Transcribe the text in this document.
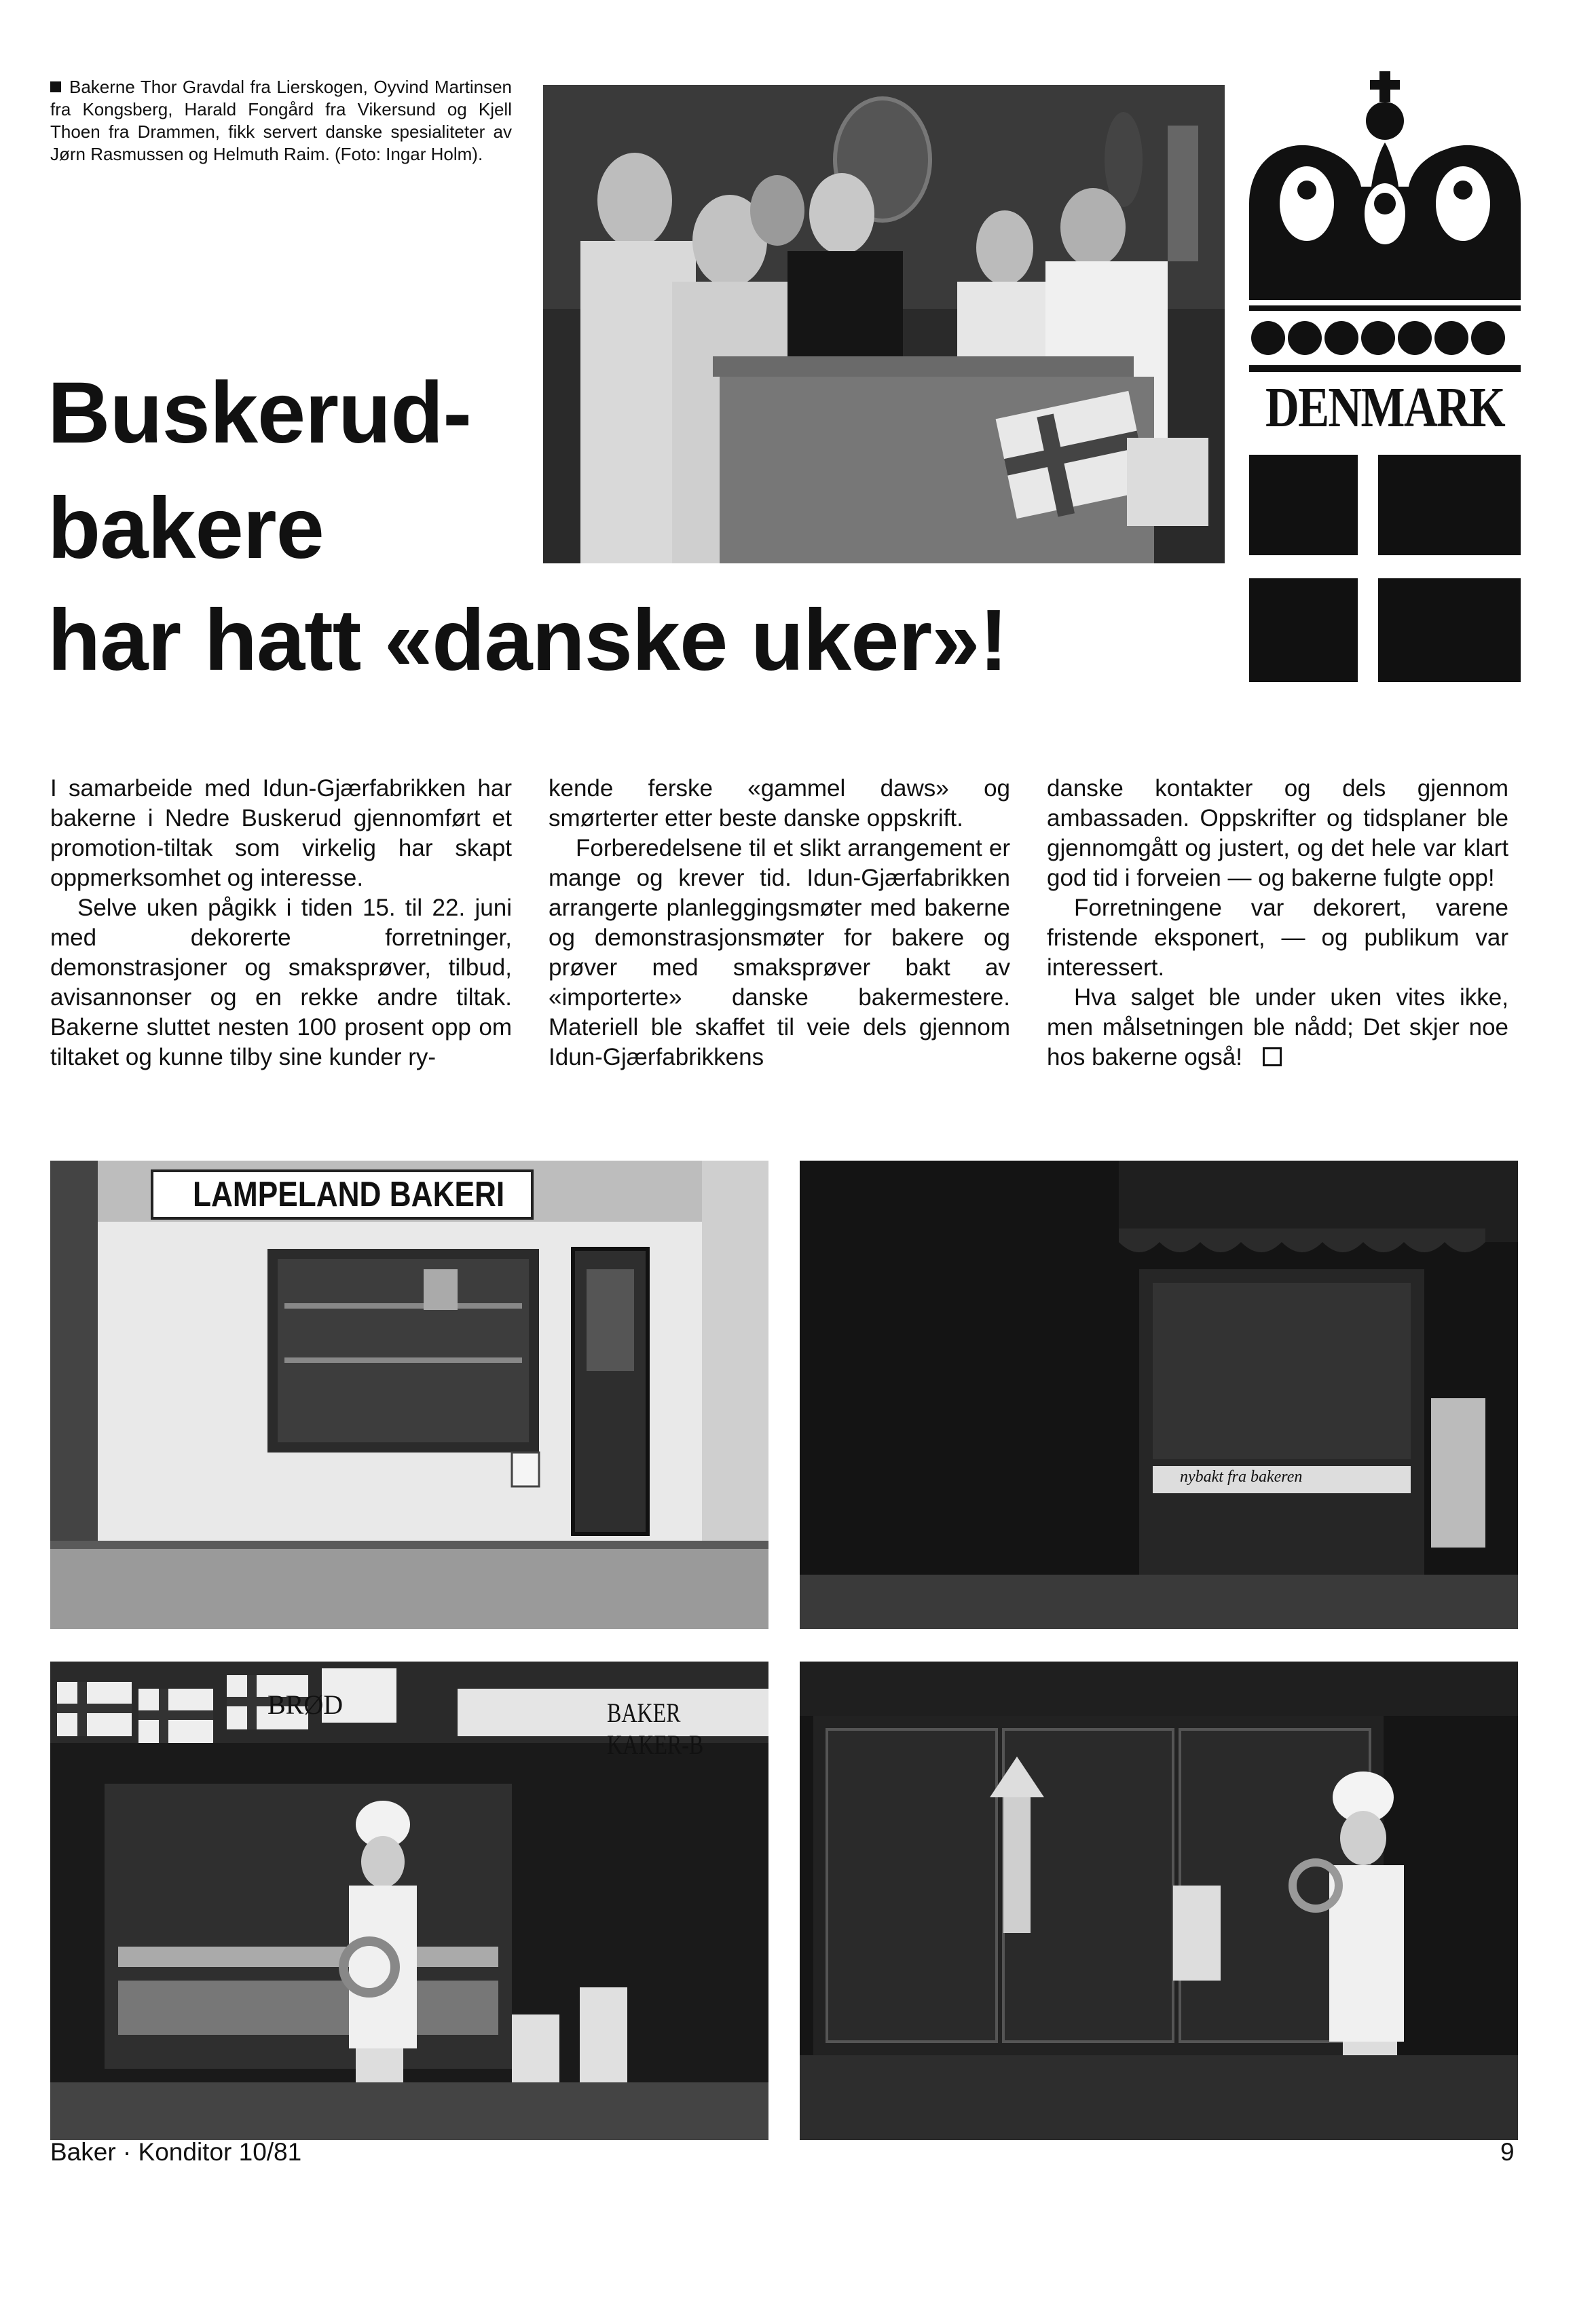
Bakerne Thor Gravdal fra Lierskogen, Oyvind Martinsen fra Kongsberg, Harald Fongård fra Vikersund og Kjell Thoen fra Drammen, fikk servert danske spesialiteter av Jørn Rasmussen og Helmuth Raim. (Foto: Ingar Holm).
Buskerud-
bakere
har hatt «danske uker»!
DENMARK

I samarbeide med Idun-Gjærfabrikken har bakerne i Nedre Buskerud gjennomført et promotion-tiltak som virkelig har skapt oppmerksomhet og interesse.

Selve uken pågikk i tiden 15. til 22. juni med dekorerte forretninger, demonstrasjoner og smaksprøver, tilbud, avisannonser og en rekke andre tiltak. Bakerne sluttet nesten 100 prosent opp om tiltaket og kunne tilby sine kunder ry-

kende ferske «gammel daws» og smørterter etter beste danske oppskrift.

Forberedelsene til et slikt arrangement er mange og krever tid. Idun-Gjærfabrikken arrangerte planleggingsmøter med bakerne og demonstrasjonsmøter for bakere og prøver med smaksprøver bakt av «importerte» danske bakermestere. Materiell ble skaffet til veie dels gjennom Idun-Gjærfabrikkens

danske kontakter og dels gjennom ambassaden. Oppskrifter og tidsplaner ble gjennomgått og justert, og det hele var klart god tid i forveien — og bakerne fulgte opp!

Forretningene var dekorert, varene fristende eksponert, — og publikum var interessert.

Hva salget ble under uken vites ikke, men målsetningen ble nådd; Det skjer noe hos bakerne også!

LAMPELAND BAKERI
nybakt fra bakeren
BRØD	BAKER KAKER-B
Baker · Konditor 10/81	9
